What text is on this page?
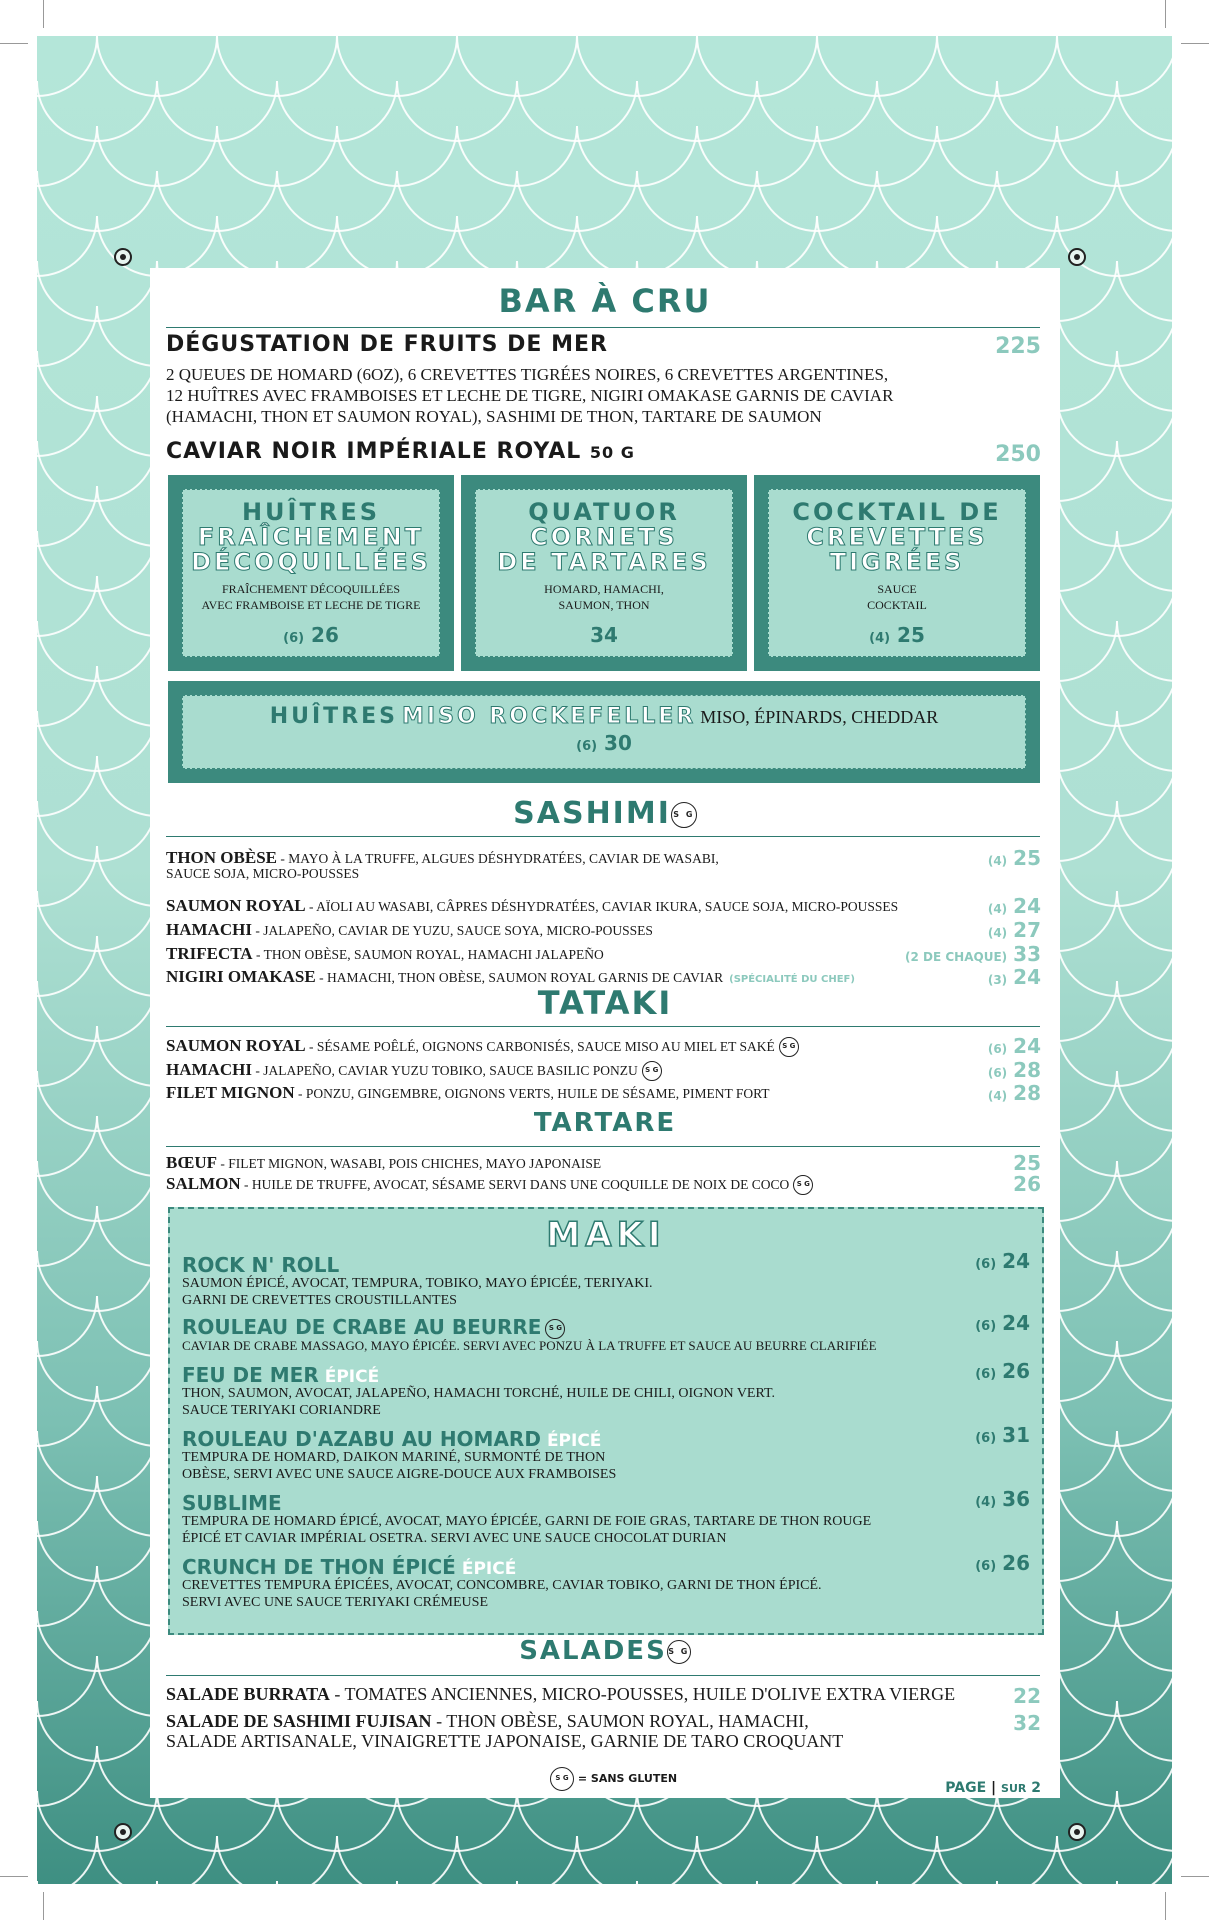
BAR À CRU
DÉGUSTATION DE FRUITS DE MER	225
2 QUEUES DE HOMARD (6OZ), 6 CREVETTES TIGRÉES NOIRES, 6 CREVETTES ARGENTINES,
12 HUÎTRES AVEC FRAMBOISES ET LECHE DE TIGRE, NIGIRI OMAKASE GARNIS DE CAVIAR
(HAMACHI, THON ET SAUMON ROYAL), SASHIMI DE THON, TARTARE DE SAUMON
CAVIAR NOIR IMPÉRIALE ROYAL 50 G	250
HUÎTRES
FRAÎCHEMENT
DÉCOQUILLÉES
FRAÎCHEMENT DÉCOQUILLÉES
AVEC FRAMBOISE ET LECHE DE TIGRE
(6) 26
QUATUOR
CORNETS
DE TARTARES
HOMARD, HAMACHI,
SAUMON, THON
34
COCKTAIL DE
CREVETTES
TIGRÉES
SAUCE
COCKTAIL
(4) 25
HUÎTRES MISO ROCKEFELLER MISO, ÉPINARDS, CHEDDAR
(6) 30
SASHIMI S G
THON OBÈSE - MAYO À LA TRUFFE, ALGUES DÉSHYDRATÉES, CAVIAR DE WASABI,
SAUCE SOJA, MICRO-POUSSES
(4) 25
SAUMON ROYAL - AÏOLI AU WASABI, CÂPRES DÉSHYDRATÉES, CAVIAR IKURA, SAUCE SOJA, MICRO-POUSSES	(4) 24
HAMACHI - JALAPEÑO, CAVIAR DE YUZU, SAUCE SOYA, MICRO-POUSSES	(4) 27
TRIFECTA - THON OBÈSE, SAUMON ROYAL, HAMACHI JALAPEÑO	(2 DE CHAQUE) 33
NIGIRI OMAKASE - HAMACHI, THON OBÈSE, SAUMON ROYAL GARNIS DE CAVIAR (SPÉCIALITÉ DU CHEF)	(3) 24
TATAKI
SAUMON ROYAL - SÉSAME POÊLÉ, OIGNONS CARBONISÉS, SAUCE MISO AU MIEL ET SAKÉ S G	(6) 24
HAMACHI - JALAPEÑO, CAVIAR YUZU TOBIKO, SAUCE BASILIC PONZU S G	(6) 28
FILET MIGNON - PONZU, GINGEMBRE, OIGNONS VERTS, HUILE DE SÉSAME, PIMENT FORT	(4) 28
TARTARE
BŒUF - FILET MIGNON, WASABI, POIS CHICHES, MAYO JAPONAISE	25
SALMON - HUILE DE TRUFFE, AVOCAT, SÉSAME SERVI DANS UNE COQUILLE DE NOIX DE COCO S G	26
MAKI
ROCK N' ROLL
SAUMON ÉPICÉ, AVOCAT, TEMPURA, TOBIKO, MAYO ÉPICÉE, TERIYAKI.
GARNI DE CREVETTES CROUSTILLANTES
(6) 24
ROULEAU DE CRABE AU BEURRE S G
CAVIAR DE CRABE MASSAGO, MAYO ÉPICÉE. SERVI AVEC PONZU À LA TRUFFE ET SAUCE AU BEURRE CLARIFIÉE
(6) 24
FEU DE MER ÉPICÉ
THON, SAUMON, AVOCAT, JALAPEÑO, HAMACHI TORCHÉ, HUILE DE CHILI, OIGNON VERT.
SAUCE TERIYAKI CORIANDRE
(6) 26
ROULEAU D'AZABU AU HOMARD ÉPICÉ
TEMPURA DE HOMARD, DAIKON MARINÉ, SURMONTÉ DE THON
OBÈSE, SERVI AVEC UNE SAUCE AIGRE-DOUCE AUX FRAMBOISES
(6) 31
SUBLIME
TEMPURA DE HOMARD ÉPICÉ, AVOCAT, MAYO ÉPICÉE, GARNI DE FOIE GRAS, TARTARE DE THON ROUGE
ÉPICÉ ET CAVIAR IMPÉRIAL OSETRA. SERVI AVEC UNE SAUCE CHOCOLAT DURIAN
(4) 36
CRUNCH DE THON ÉPICÉ ÉPICÉ
CREVETTES TEMPURA ÉPICÉES, AVOCAT, CONCOMBRE, CAVIAR TOBIKO, GARNI DE THON ÉPICÉ.
SERVI AVEC UNE SAUCE TERIYAKI CRÉMEUSE
(6) 26
SALADESS G
SALADE BURRATA - TOMATES ANCIENNES, MICRO-POUSSES, HUILE D'OLIVE EXTRA VIERGE	22
SALADE DE SASHIMI FUJISAN - THON OBÈSE, SAUMON ROYAL, HAMACHI,
SALADE ARTISANALE, VINAIGRETTE JAPONAISE, GARNIE DE TARO CROQUANT
32
S G = SANS GLUTEN
PAGE | SUR 2
